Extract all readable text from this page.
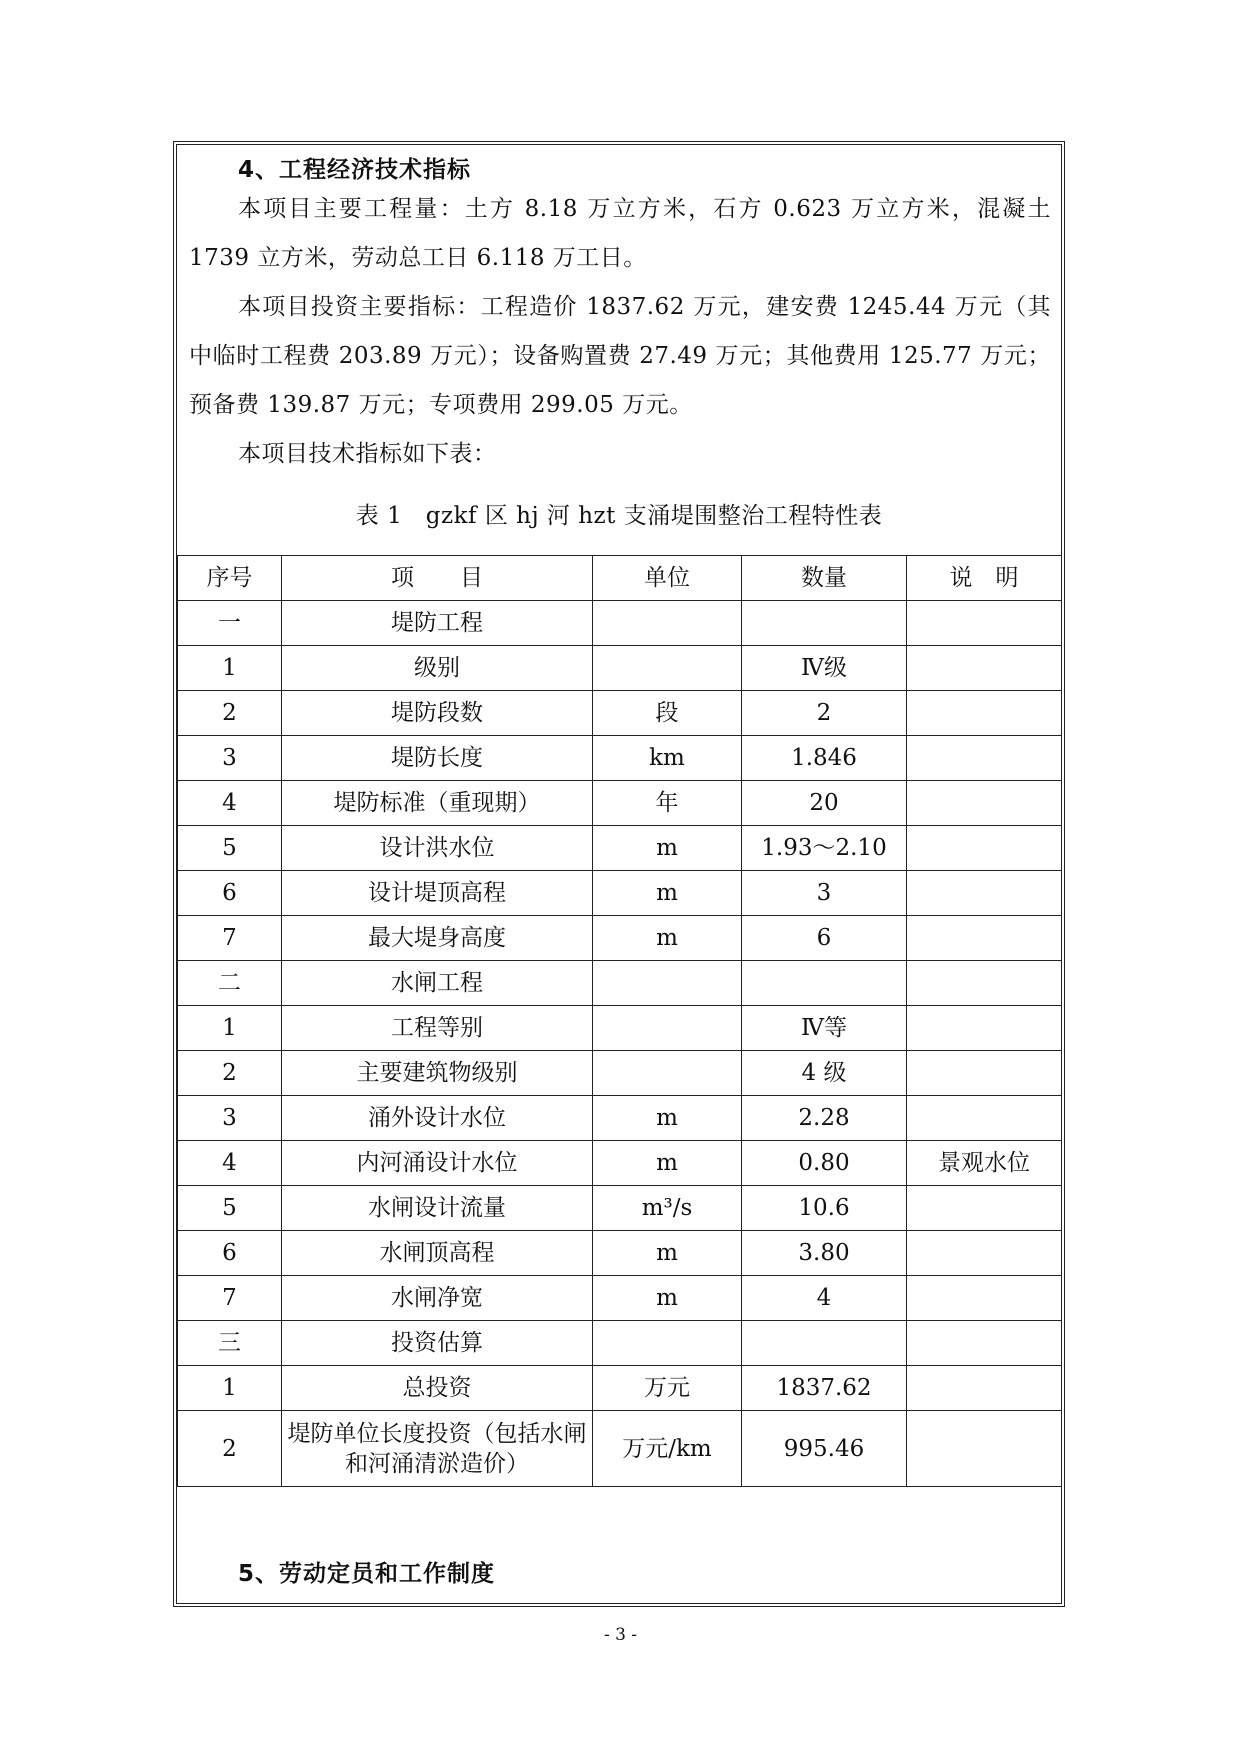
4、工程经济技术指标
本项目主要工程量：土方 8.18 万立方米，石方 0.623 万立方米，混凝土 1739 立方米，劳动总工日 6.118 万工日。
本项目投资主要指标：工程造价 1837.62 万元，建安费 1245.44 万元（其中临时工程费 203.89 万元）；设备购置费 27.49 万元；其他费用 125.77 万元；预备费 139.87 万元；专项费用 299.05 万元。
本项目技术指标如下表：
表 1　gzkf 区 hj 河 hzt 支涌堤围整治工程特性表
序号	项　　目	单位	数量	说　明
一	堤防工程			
1	级别		Ⅳ级	
2	堤防段数	段	2	
3	堤防长度	km	1.846	
4	堤防标准（重现期）	年	20	
5	设计洪水位	m	1.93～2.10	
6	设计堤顶高程	m	3	
7	最大堤身高度	m	6	
二	水闸工程			
1	工程等别		Ⅳ等	
2	主要建筑物级别		4 级	
3	涌外设计水位	m	2.28	
4	内河涌设计水位	m	0.80	景观水位
5	水闸设计流量	m³/s	10.6	
6	水闸顶高程	m	3.80	
7	水闸净宽	m	4	
三	投资估算			
1	总投资	万元	1837.62	
2	堤防单位长度投资（包括水闸和河涌清淤造价）	万元/km	995.46	
5、劳动定员和工作制度
- 3 -
